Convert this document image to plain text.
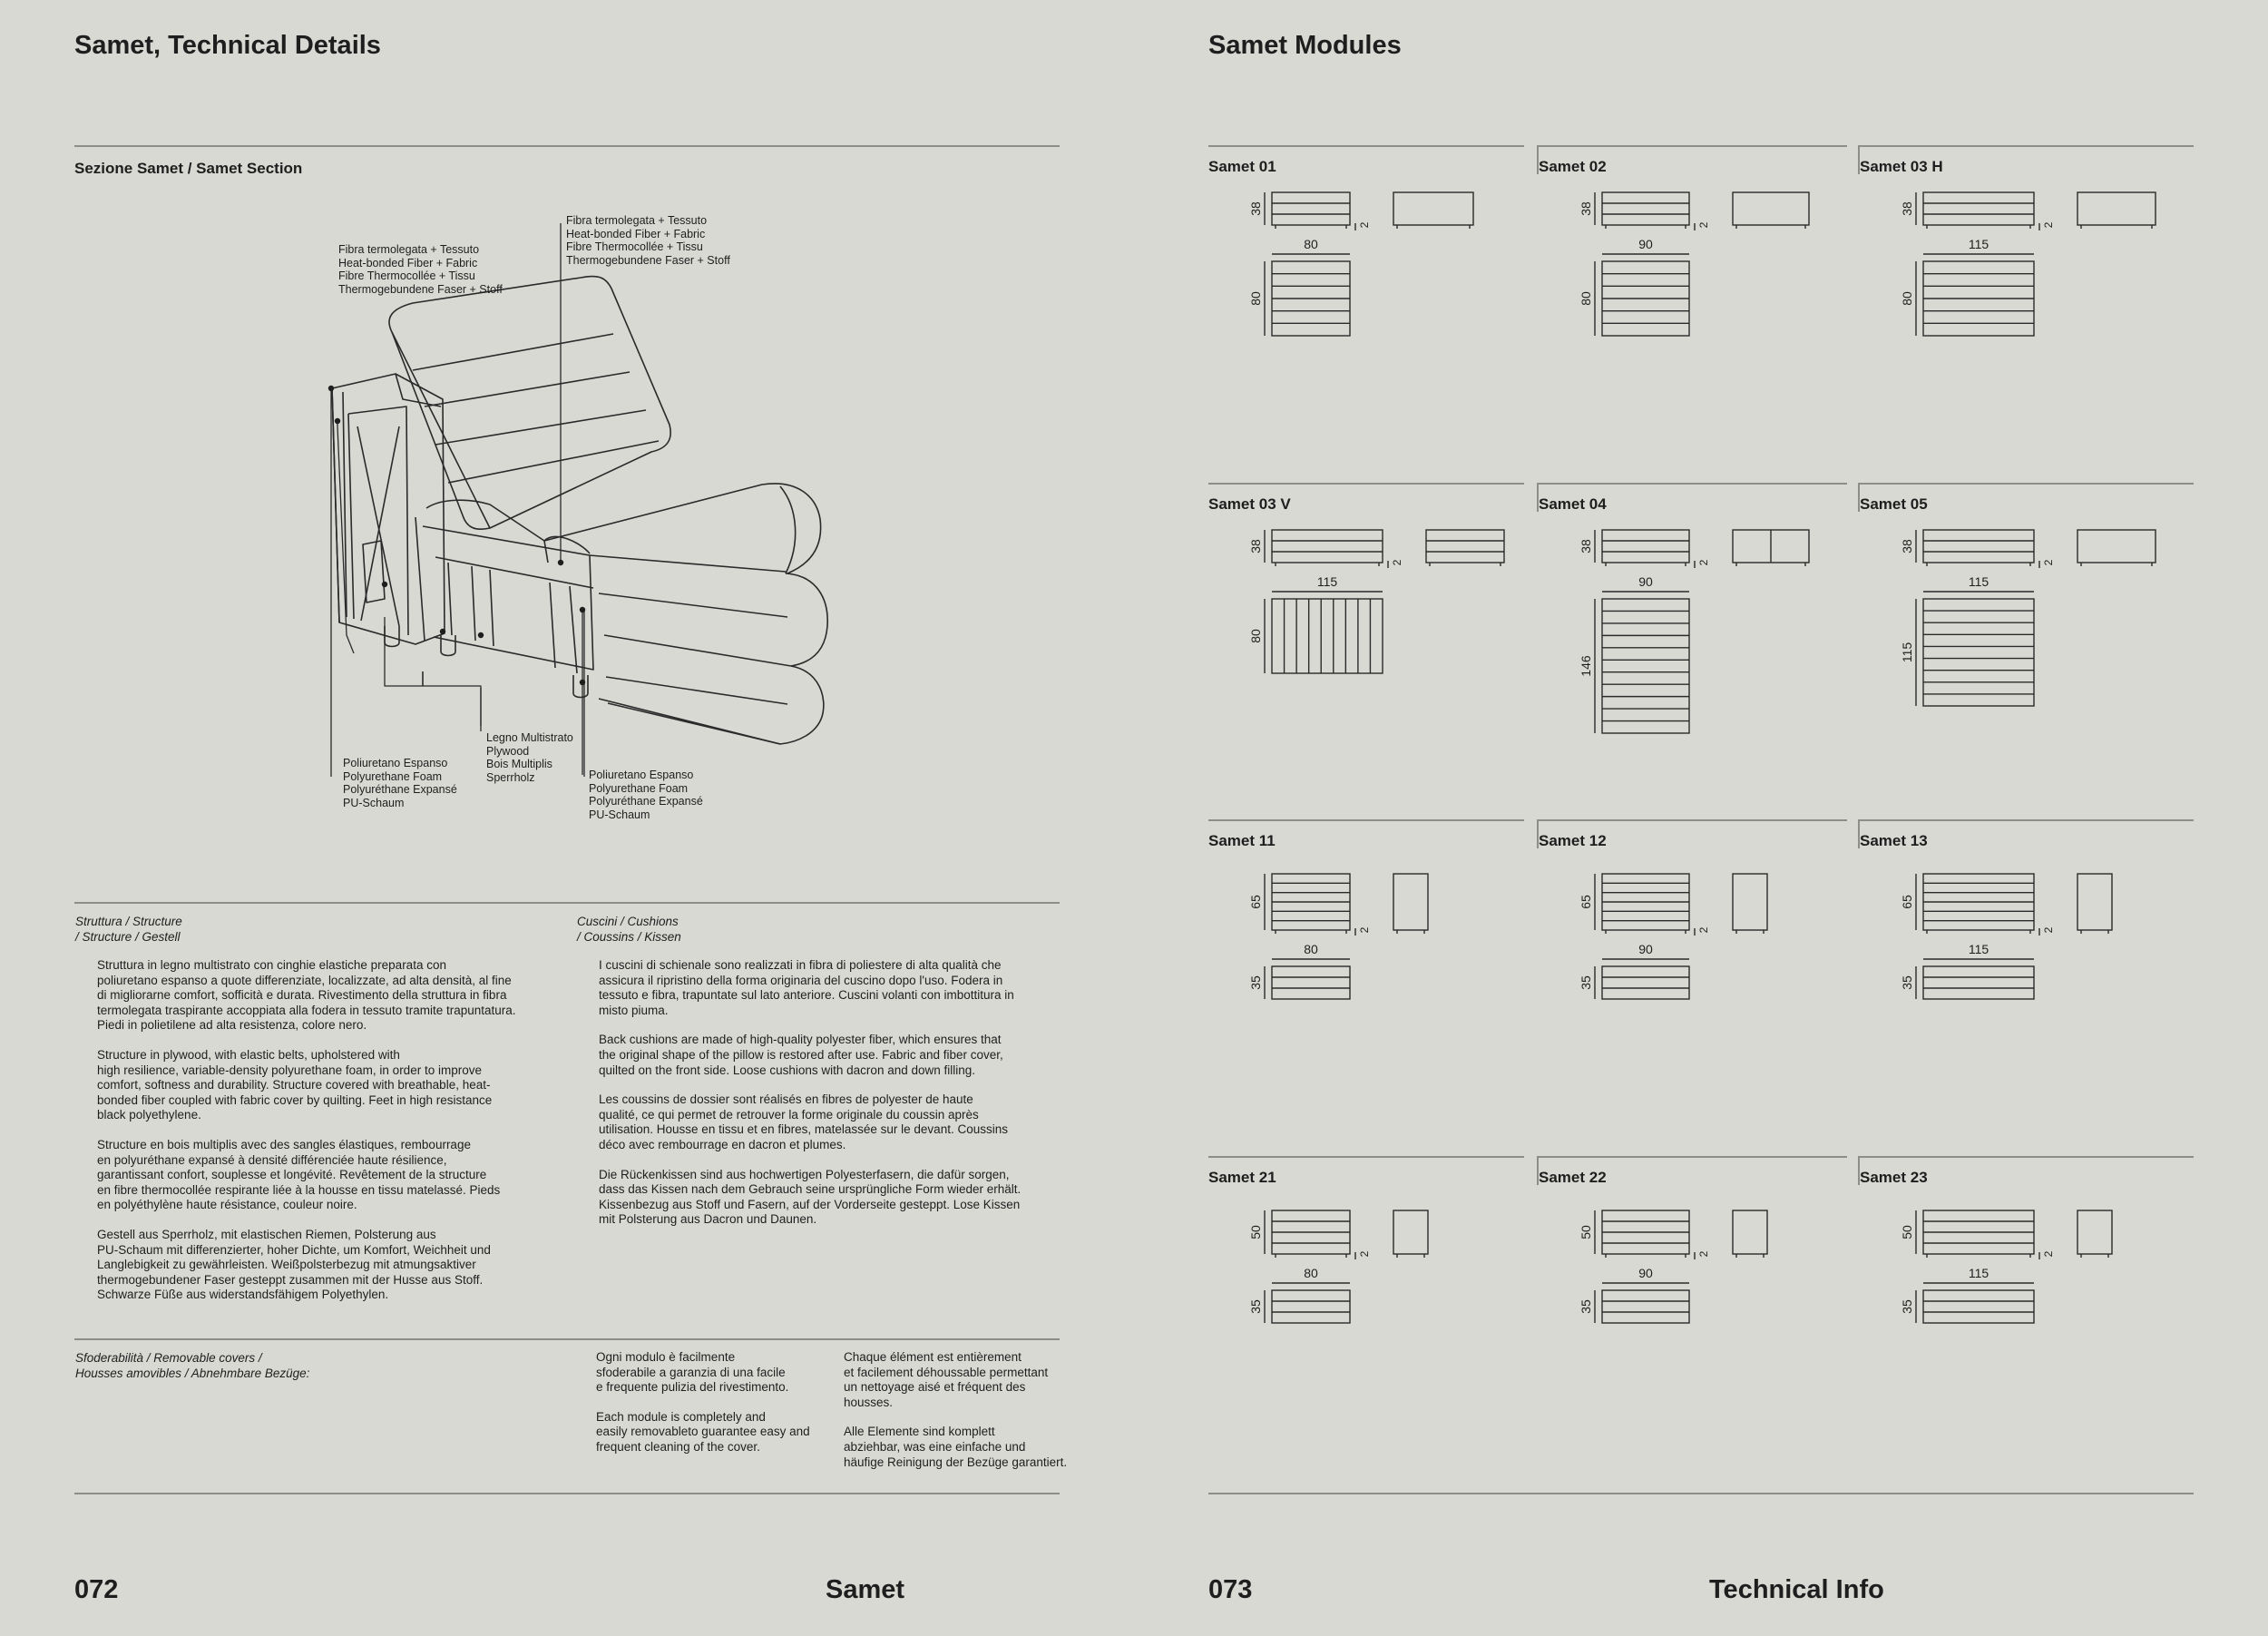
Samet, Technical Details
Sezione Samet / Samet Section
Fibra termolegata + Tessuto
Heat-bonded Fiber + Fabric
Fibre Thermocollée + Tissu
Thermogebundene Faser + Stoff
Fibra termolegata + Tessuto
Heat-bonded Fiber + Fabric
Fibre Thermocollée + Tissu
Thermogebundene Faser + Stoff
Poliuretano Espanso
Polyurethane Foam
Polyuréthane Expansé
PU-Schaum
Legno Multistrato
Plywood
Bois Multiplis
Sperrholz	Poliuretano Espanso
Polyurethane Foam
Polyuréthane Expansé
PU-Schaum
Struttura / Structure
/ Structure / Gestell
Struttura in legno multistrato con cinghie elastiche preparata con
poliuretano espanso a quote differenziate, localizzate, ad alta densità, al fine
di migliorarne comfort, sofficità e durata. Rivestimento della struttura in fibra
termolegata traspirante accoppiata alla fodera in tessuto tramite trapuntatura.
Piedi in polietilene ad alta resistenza, colore nero.
Structure in plywood, with elastic belts, upholstered with
high resilience, variable-density polyurethane foam, in order to improve
comfort, softness and durability. Structure covered with breathable, heat-
bonded fiber coupled with fabric cover by quilting. Feet in high resistance
black polyethylene.
Structure en bois multiplis avec des sangles élastiques, rembourrage
en polyuréthane expansé à densité différenciée haute résilience,
garantissant confort, souplesse et longévité. Revêtement de la structure
en fibre thermocollée respirante liée à la housse en tissu matelassé. Pieds
en polyéthylène haute résistance, couleur noire.
Gestell aus Sperrholz, mit elastischen Riemen, Polsterung aus
PU-Schaum mit differenzierter, hoher Dichte, um Komfort, Weichheit und
Langlebigkeit zu gewährleisten. Weißpolsterbezug mit atmungsaktiver
thermogebundener Faser gesteppt zusammen mit der Husse aus Stoff.
Schwarze Füße aus widerstandsfähigem Polyethylen.
Cuscini / Cushions
/ Coussins / Kissen
I cuscini di schienale sono realizzati in fibra di poliestere di alta qualità che
assicura il ripristino della forma originaria del cuscino dopo l'uso. Fodera in
tessuto e fibra, trapuntate sul lato anteriore. Cuscini volanti con imbottitura in
misto piuma.
Back cushions are made of high-quality polyester fiber, which ensures that
the original shape of the pillow is restored after use. Fabric and fiber cover,
quilted on the front side. Loose cushions with dacron and down filling.
Les coussins de dossier sont réalisés en fibres de polyester de haute
qualité, ce qui permet de retrouver la forme originale du coussin après
utilisation. Housse en tissu et en fibres, matelassée sur le devant. Coussins
déco avec rembourrage en dacron et plumes.
Die Rückenkissen sind aus hochwertigen Polyesterfasern, die dafür sorgen,
dass das Kissen nach dem Gebrauch seine ursprüngliche Form wieder erhält.
Kissenbezug aus Stoff und Fasern, auf der Vorderseite gesteppt. Lose Kissen
mit Polsterung aus Dacron und Daunen.
Sfoderabilità / Removable covers /
Housses amovibles / Abnehmbare Bezüge:
Ogni modulo è facilmente
sfoderabile a garanzia di una facile
e frequente pulizia del rivestimento.
Each module is completely and
easily removableto guarantee easy and
frequent cleaning of the cover.
Chaque élément est entièrement
et facilement déhoussable permettant
un nettoyage aisé et fréquent des
housses.
Alle Elemente sind komplett
abziehbar, was eine einfache und
häufige Reinigung der Bezüge garantiert.
072	Samet
Samet Modules
Samet 01
38
2
80
80
Samet 02
38
2
90
80
Samet 03 H
38
2
115
80
Samet 03 V
38
2
115
80
Samet 04
38
2
90
146
Samet 05
38
2
115
115
Samet 11
65
2
80
35
Samet 12
65
2
90
35
Samet 13
65
2
115
35
Samet 21
50
2
80
35
Samet 22
50
2
90
35
Samet 23
50
2
115
35
073	Technical Info
